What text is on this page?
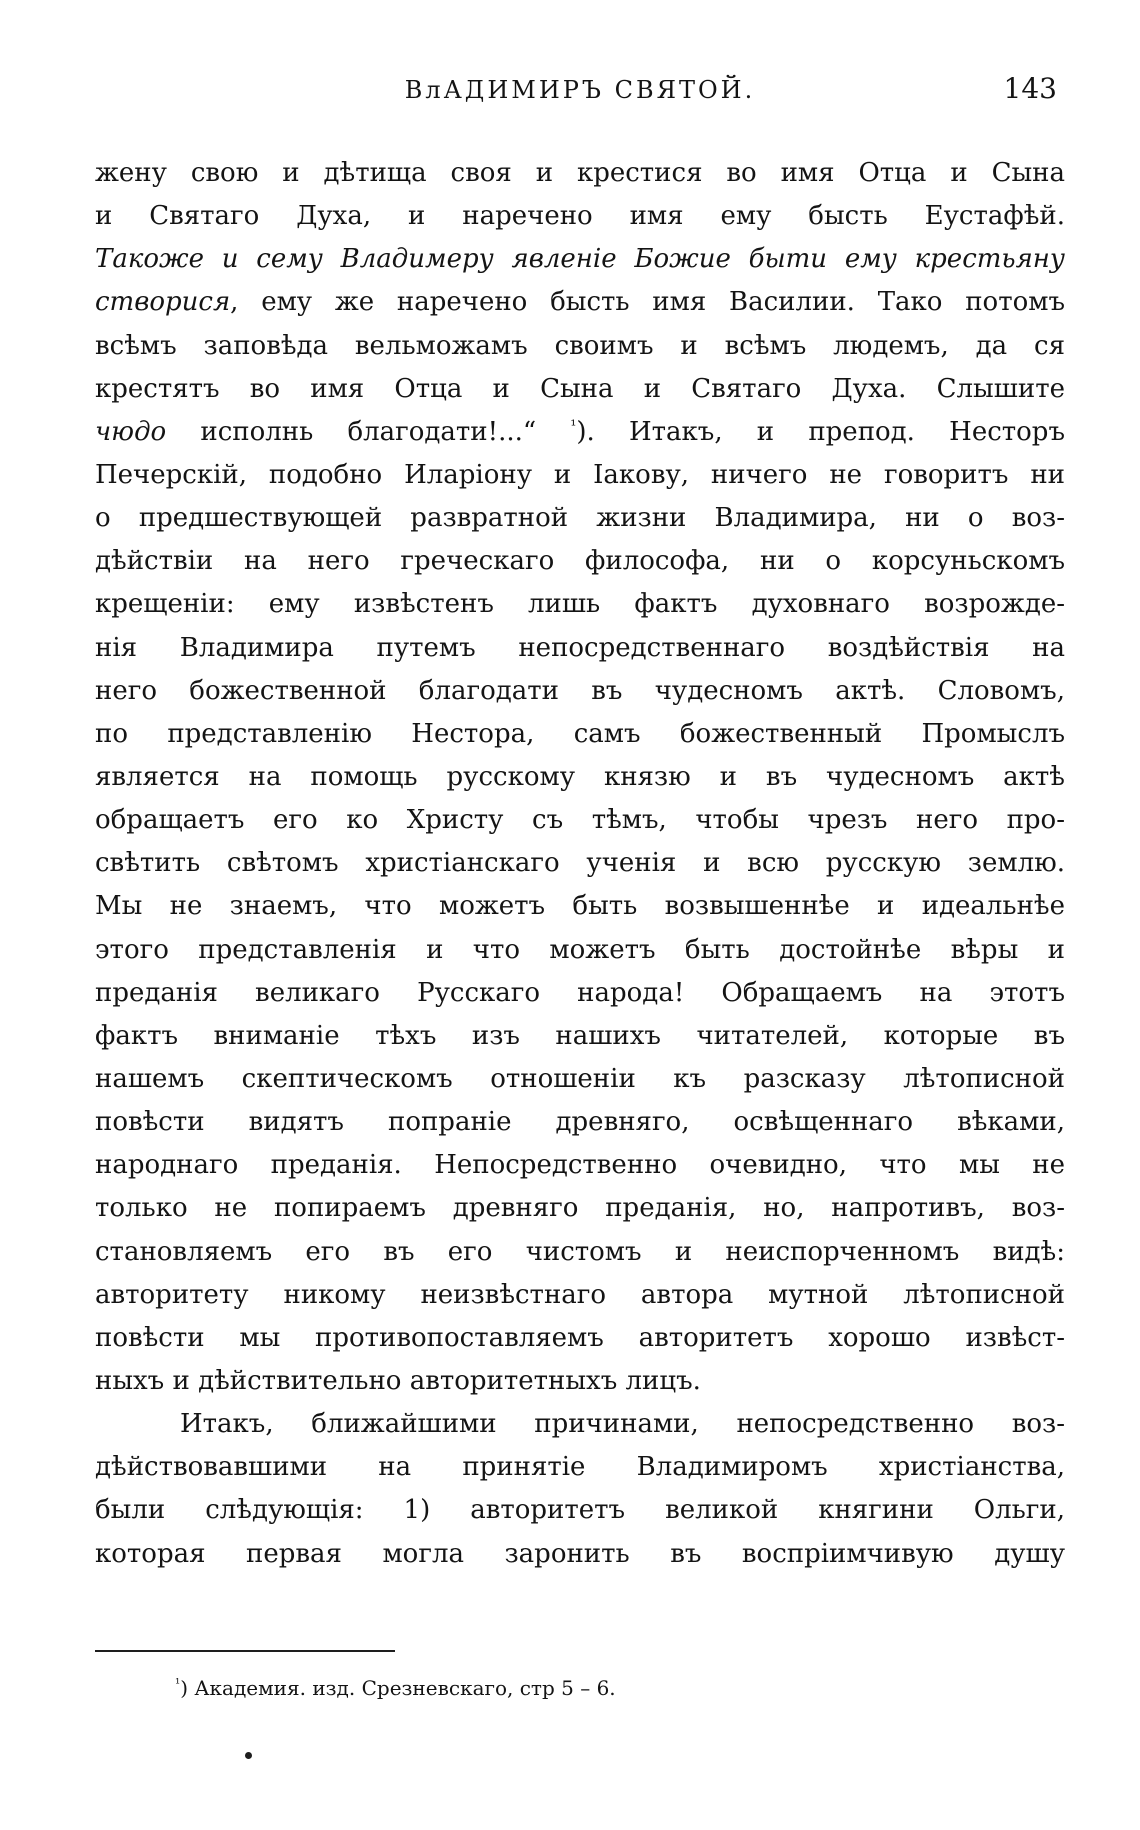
ВлАДИМИРЪ СВЯТОЙ.	143
жену свою и дѣтища своя и крестися во имя Отца и Сына
и Святаго Духа, и наречено имя ему бысть Еустафѣй.
Такоже и сему Владимеру явленіе Божие быти ему крестьяну
створися, ему же наречено бысть имя Василии. Тако потомъ
всѣмъ заповѣда вельможамъ своимъ и всѣмъ людемъ, да ся
крестятъ во имя Отца и Сына и Святаго Духа. Слышите
чюдо исполнь благодати!...“ $^{^1}$). Итакъ, и препод. Несторъ
Печерскій, подобно Иларіону и Іакову, ничего не говоритъ ни
о предшествующей развратной жизни Владимира, ни о воз-
дѣйствіи на него греческаго философа, ни о корсуньскомъ
крещеніи: ему извѣстенъ лишь фактъ духовнаго возрожде-
нія Владимира путемъ непосредственнаго воздѣйствія на
него божественной благодати въ чудесномъ актѣ. Словомъ,
по представленію Нестора, самъ божественный Промыслъ
является на помощь русскому князю и въ чудесномъ актѣ
обращаетъ его ко Христу съ тѣмъ, чтобы чрезъ него про-
свѣтить свѣтомъ христіанскаго ученія и всю русскую землю.
Мы не знаемъ, что можетъ быть возвышеннѣе и идеальнѣе
этого представленія и что можетъ быть достойнѣе вѣры и
преданія великаго Русскаго народа! Обращаемъ на этотъ
фактъ вниманіе тѣхъ изъ нашихъ читателей, которые въ
нашемъ скептическомъ отношеніи къ разсказу лѣтописной
повѣсти видятъ попраніе древняго, освѣщеннаго вѣками,
народнаго преданія. Непосредственно очевидно, что мы не
только не попираемъ древняго преданія, но, напротивъ, воз-
становляемъ его въ его чистомъ и неиспорченномъ видѣ:
авторитету никому неизвѣстнаго автора мутной лѣтописной
повѣсти мы противопоставляемъ авторитетъ хорошо извѣст-
ныхъ и дѣйствительно авторитетныхъ лицъ.
Итакъ, ближайшими причинами, непосредственно воз-
дѣйствовавшими на принятіе Владимиромъ христіанства,
были слѣдующія: 1) авторитетъ великой княгини Ольги,
которая первая могла заронить въ воспріимчивую душу
$^{^1}$) Академия. изд. Срезневскаго, стр 5 – 6.
